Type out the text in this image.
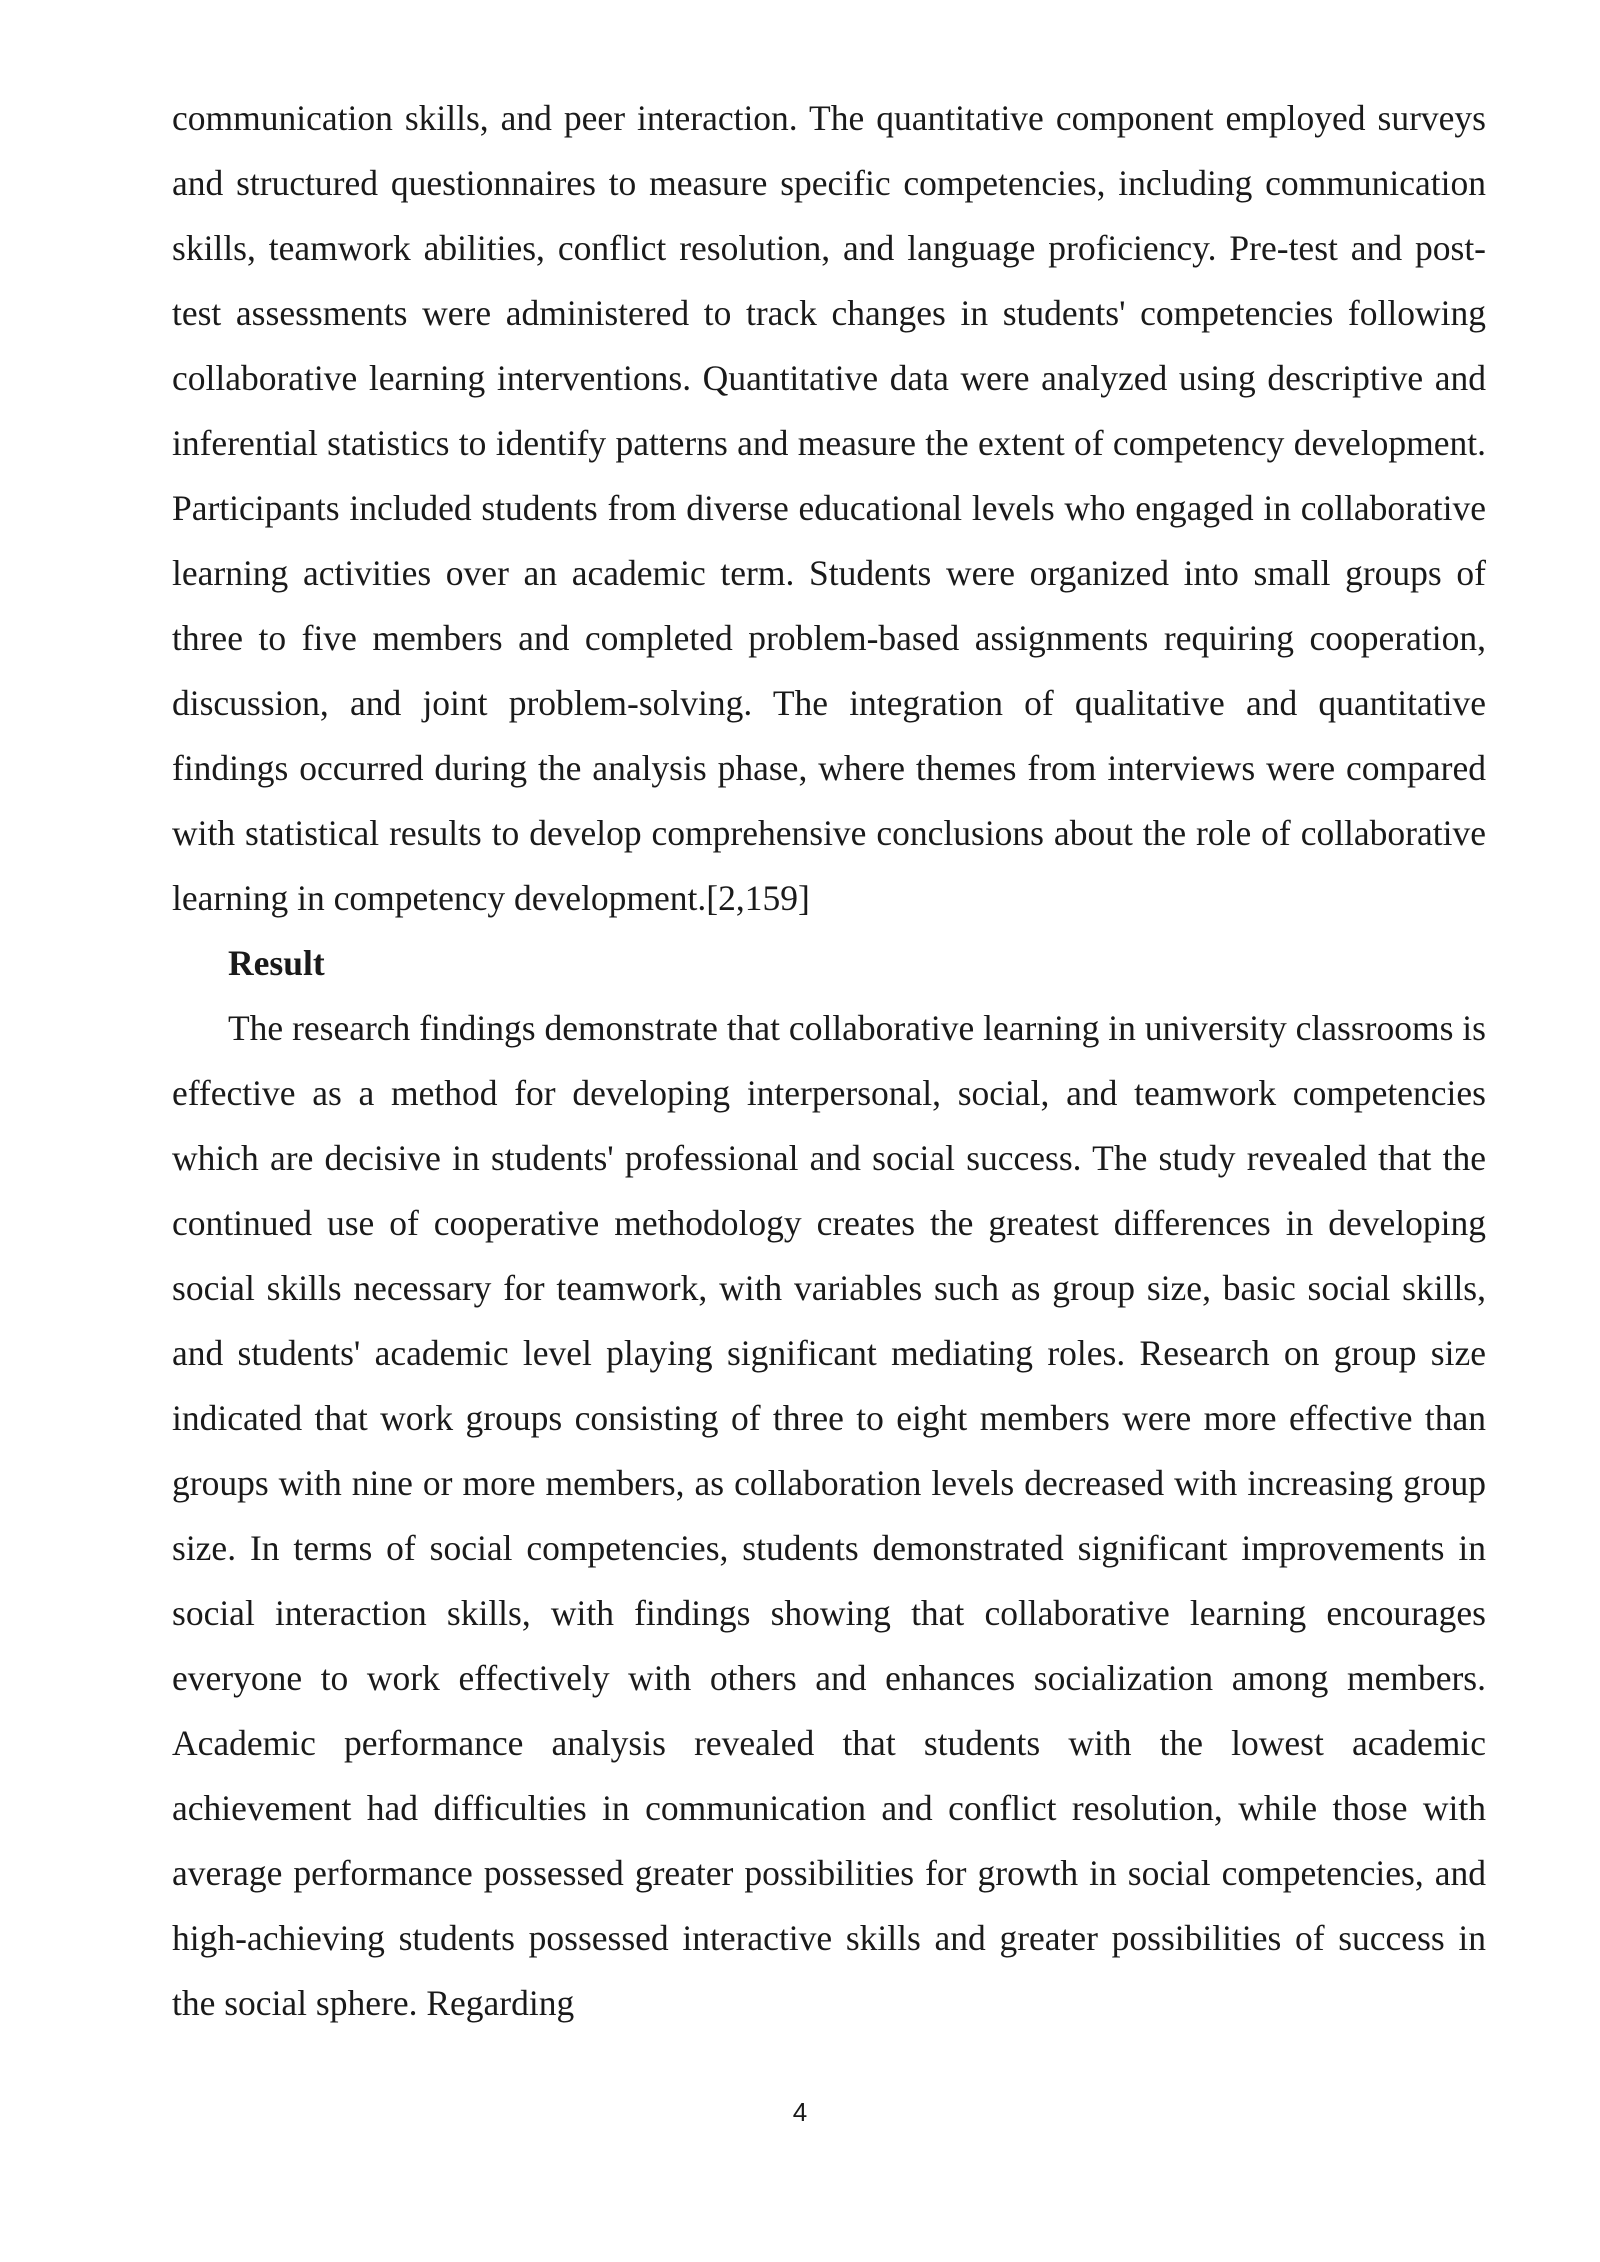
communication skills, and peer interaction. The quantitative component employed surveys and structured questionnaires to measure specific competencies, including communication skills, teamwork abilities, conflict resolution, and language proficiency. Pre-test and post-test assessments were administered to track changes in students' competencies following collaborative learning interventions. Quantitative data were analyzed using descriptive and inferential statistics to identify patterns and measure the extent of competency development. Participants included students from diverse educational levels who engaged in collaborative learning activities over an academic term. Students were organized into small groups of three to five members and completed problem-based assignments requiring cooperation, discussion, and joint problem-solving. The integration of qualitative and quantitative findings occurred during the analysis phase, where themes from interviews were compared with statistical results to develop comprehensive conclusions about the role of collaborative learning in competency development.[2,159]

Result

The research findings demonstrate that collaborative learning in university classrooms is effective as a method for developing interpersonal, social, and teamwork competencies which are decisive in students' professional and social success. The study revealed that the continued use of cooperative methodology creates the greatest differences in developing social skills necessary for teamwork, with variables such as group size, basic social skills, and students' academic level playing significant mediating roles. Research on group size indicated that work groups consisting of three to eight members were more effective than groups with nine or more members, as collaboration levels decreased with increasing group size. In terms of social competencies, students demonstrated significant improvements in social interaction skills, with findings showing that collaborative learning encourages everyone to work effectively with others and enhances socialization among members. Academic performance analysis revealed that students with the lowest academic achievement had difficulties in communication and conflict resolution, while those with average performance possessed greater possibilities for growth in social competencies, and high-achieving students possessed interactive skills and greater possibilities of success in the social sphere. Regarding

4
